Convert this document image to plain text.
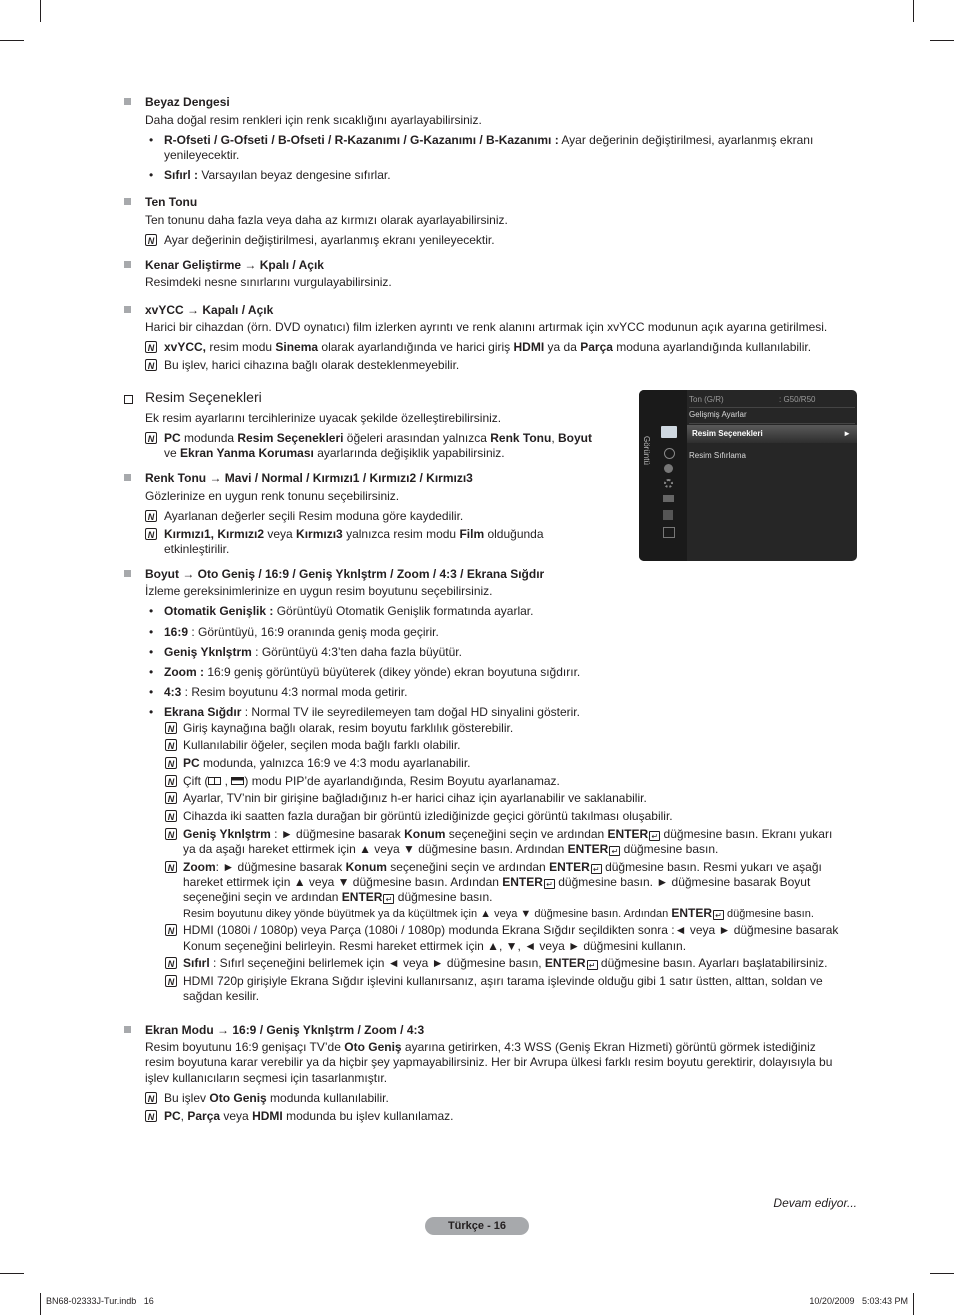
Beyaz Dengesi
Daha doğal resim renkleri için renk sıcaklığını ayarlayabilirsiniz.
• R-Ofseti / G-Ofseti / B-Ofseti / R-Kazanımı / G-Kazanımı / B-Kazanımı : Ayar değerinin değiştirilmesi, ayarlanmış ekranı
yenileyecektir.
• Sıfırl : Varsayılan beyaz dengesine sıfırlar.
Ten Tonu
Ten tonunu daha fazla veya daha az kırmızı olarak ayarlayabilirsiniz.
N Ayar değerinin değiştirilmesi, ayarlanmış ekranı yenileyecektir.
Kenar Geliştirme → Kpalı / Açık
Resimdeki nesne sınırlarını vurgulayabilirsiniz.
xvYCC → Kapalı / Açık
Harici bir cihazdan (örn. DVD oynatıcı) film izlerken ayrıntı ve renk alanını artırmak için xvYCC modunun açık ayarına getirilmesi.
N xvYCC, resim modu Sinema olarak ayarlandığında ve harici giriş HDMI ya da Parça moduna ayarlandığında kullanılabilir.
N Bu işlev, harici cihazına bağlı olarak desteklenmeyebilir.
Resim Seçenekleri
Ek resim ayarlarını tercihlerinize uyacak şekilde özelleştirebilirsiniz.
N PC modunda Resim Seçenekleri öğeleri arasından yalnızca Renk Tonu, Boyut
ve Ekran Yanma Koruması ayarlarında değişiklik yapabilirsiniz.	Görüntü
Ton (G/R)	: G50/R50
Gelişmiş Ayarlar
Resim Seçenekleri	►
Resim Sıfırlama
Renk Tonu → Mavi / Normal / Kırmızı1 / Kırmızı2 / Kırmızı3
Gözlerinize en uygun renk tonunu seçebilirsiniz.
N Ayarlanan değerler seçili Resim moduna göre kaydedilir.
N Kırmızı1, Kırmızı2 veya Kırmızı3 yalnızca resim modu Film olduğunda
etkinleştirilir.
Boyut → Oto Geniş / 16:9 / Geniş Yknlştrm / Zoom / 4:3 / Ekrana Sığdır
İzleme gereksinimlerinize en uygun resim boyutunu seçebilirsiniz.
• Otomatik Genişlik : Görüntüyü Otomatik Genişlik formatında ayarlar.
• 16:9 : Görüntüyü, 16:9 oranında geniş moda geçirir.
• Geniş Yknlştrm : Görüntüyü 4:3’ten daha fazla büyütür.
• Zoom : 16:9 geniş görüntüyü büyüterek (dikey yönde) ekran boyutuna sığdırır.
• 4:3 : Resim boyutunu 4:3 normal moda getirir.
• Ekrana Sığdır : Normal TV ile seyredilemeyen tam doğal HD sinyalini gösterir.
N Giriş kaynağına bağlı olarak, resim boyutu farklılık gösterebilir.
N Kullanılabilir öğeler, seçilen moda bağlı farklı olabilir.
N PC modunda, yalnızca 16:9 ve 4:3 modu ayarlanabilir.
N Çift ( , ) modu PIP’de ayarlandığında, Resim Boyutu ayarlanamaz.
N Ayarlar, TV’nin bir girişine bağladığınız h-er harici cihaz için ayarlanabilir ve saklanabilir.
N Cihazda iki saatten fazla durağan bir görüntü izlediğinizde geçici görüntü takılması oluşabilir.
N Geniş Yknlştrm : ► düğmesine basarak Konum seçeneğini seçin ve ardından ENTER ↵ düğmesine basın. Ekranı yukarı
ya da aşağı hareket ettirmek için ▲ veya ▼ düğmesine basın. Ardından ENTER ↵ düğmesine basın.
N Zoom: ► düğmesine basarak Konum seçeneğini seçin ve ardından ENTER ↵ düğmesine basın. Resmi yukarı ve aşağı
hareket ettirmek için ▲ veya ▼ düğmesine basın. Ardından ENTER ↵ düğmesine basın. ► düğmesine basarak Boyut
seçeneğini seçin ve ardından ENTER ↵ düğmesine basın.
Resim boyutunu dikey yönde büyütmek ya da küçültmek için ▲ veya ▼ düğmesine basın. Ardından ENTER ↵ düğmesine basın.
N HDMI (1080i / 1080p) veya Parça (1080i / 1080p) modunda Ekrana Sığdır seçildikten sonra :◄ veya ► düğmesine basarak
Konum seçeneğini belirleyin. Resmi hareket ettirmek için ▲, ▼, ◄ veya ► düğmesini kullanın.
N Sıfırl : Sıfırl seçeneğini belirlemek için ◄ veya ► düğmesine basın, ENTER ↵ düğmesine basın. Ayarları başlatabilirsiniz.
N HDMI 720p girişiyle Ekrana Sığdır işlevini kullanırsanız, aşırı tarama işlevinde olduğu gibi 1 satır üstten, alttan, soldan ve
sağdan kesilir.
Ekran Modu → 16:9 / Geniş Yknlştrm / Zoom / 4:3
Resim boyutunu 16:9 genişaçı TV’de Oto Geniş ayarına getirirken, 4:3 WSS (Geniş Ekran Hizmeti) görüntü görmek istediğiniz
resim boyutuna karar verebilir ya da hiçbir şey yapmayabilirsiniz. Her bir Avrupa ülkesi farklı resim boyutu gerektirir, dolayısıyla bu
işlev kullanıcıların seçmesi için tasarlanmıştır.
N Bu işlev Oto Geniş modunda kullanılabilir.
N PC, Parça veya HDMI modunda bu işlev kullanılamaz.
Devam ediyor...
Türkçe - 16
BN68-02333J-Tur.indb   16	10/20/2009   5:03:43 PM
